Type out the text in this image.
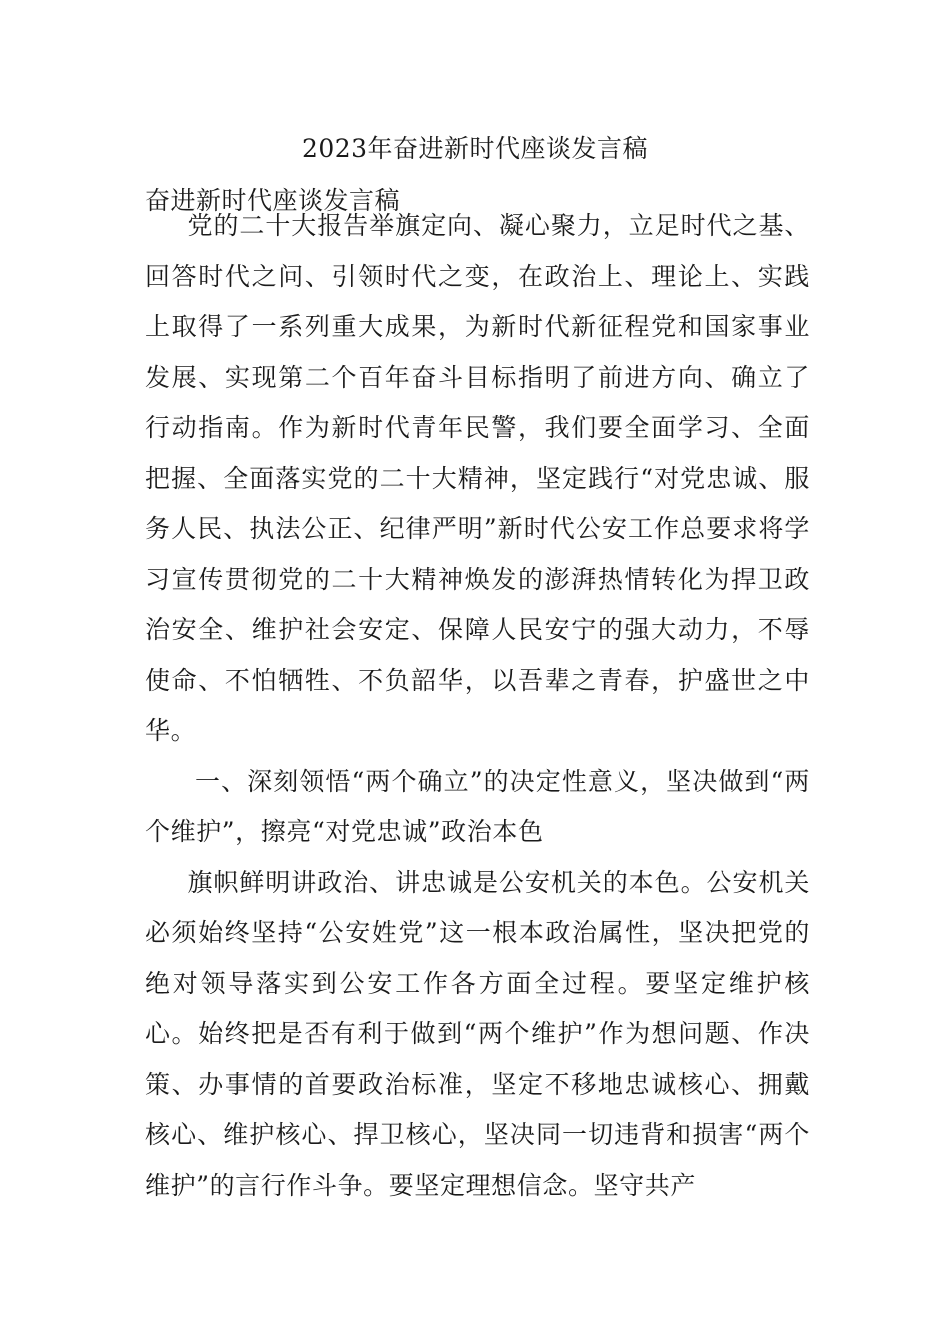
2023年奋进新时代座谈发言稿
奋进新时代座谈发言稿

党的二十大报告举旗定向、凝心聚力，立足时代之基、回答时代之问、引领时代之变，在政治上、理论上、实践上取得了一系列重大成果，为新时代新征程党和国家事业发展、实现第二个百年奋斗目标指明了前进方向、确立了行动指南。作为新时代青年民警，我们要全面学习、全面把握、全面落实党的二十大精神，坚定践行“对党忠诚、服务人民、执法公正、纪律严明”新时代公安工作总要求将学习宣传贯彻党的二十大精神焕发的澎湃热情转化为捍卫政治安全、维护社会安定、保障人民安宁的强大动力，不辱使命、不怕牺牲、不负韶华，以吾辈之青春，护盛世之中华。

一、深刻领悟“两个确立”的决定性意义，坚决做到“两个维护”，擦亮“对党忠诚”政治本色

旗帜鲜明讲政治、讲忠诚是公安机关的本色。公安机关必须始终坚持“公安姓党”这一根本政治属性，坚决把党的绝对领导落实到公安工作各方面全过程。要坚定维护核心。始终把是否有利于做到“两个维护”作为想问题、作决策、办事情的首要政治标准，坚定不移地忠诚核心、拥戴核心、维护核心、捍卫核心，坚决同一切违背和损害“两个维护”的言行作斗争。要坚定理想信念。坚守共产
